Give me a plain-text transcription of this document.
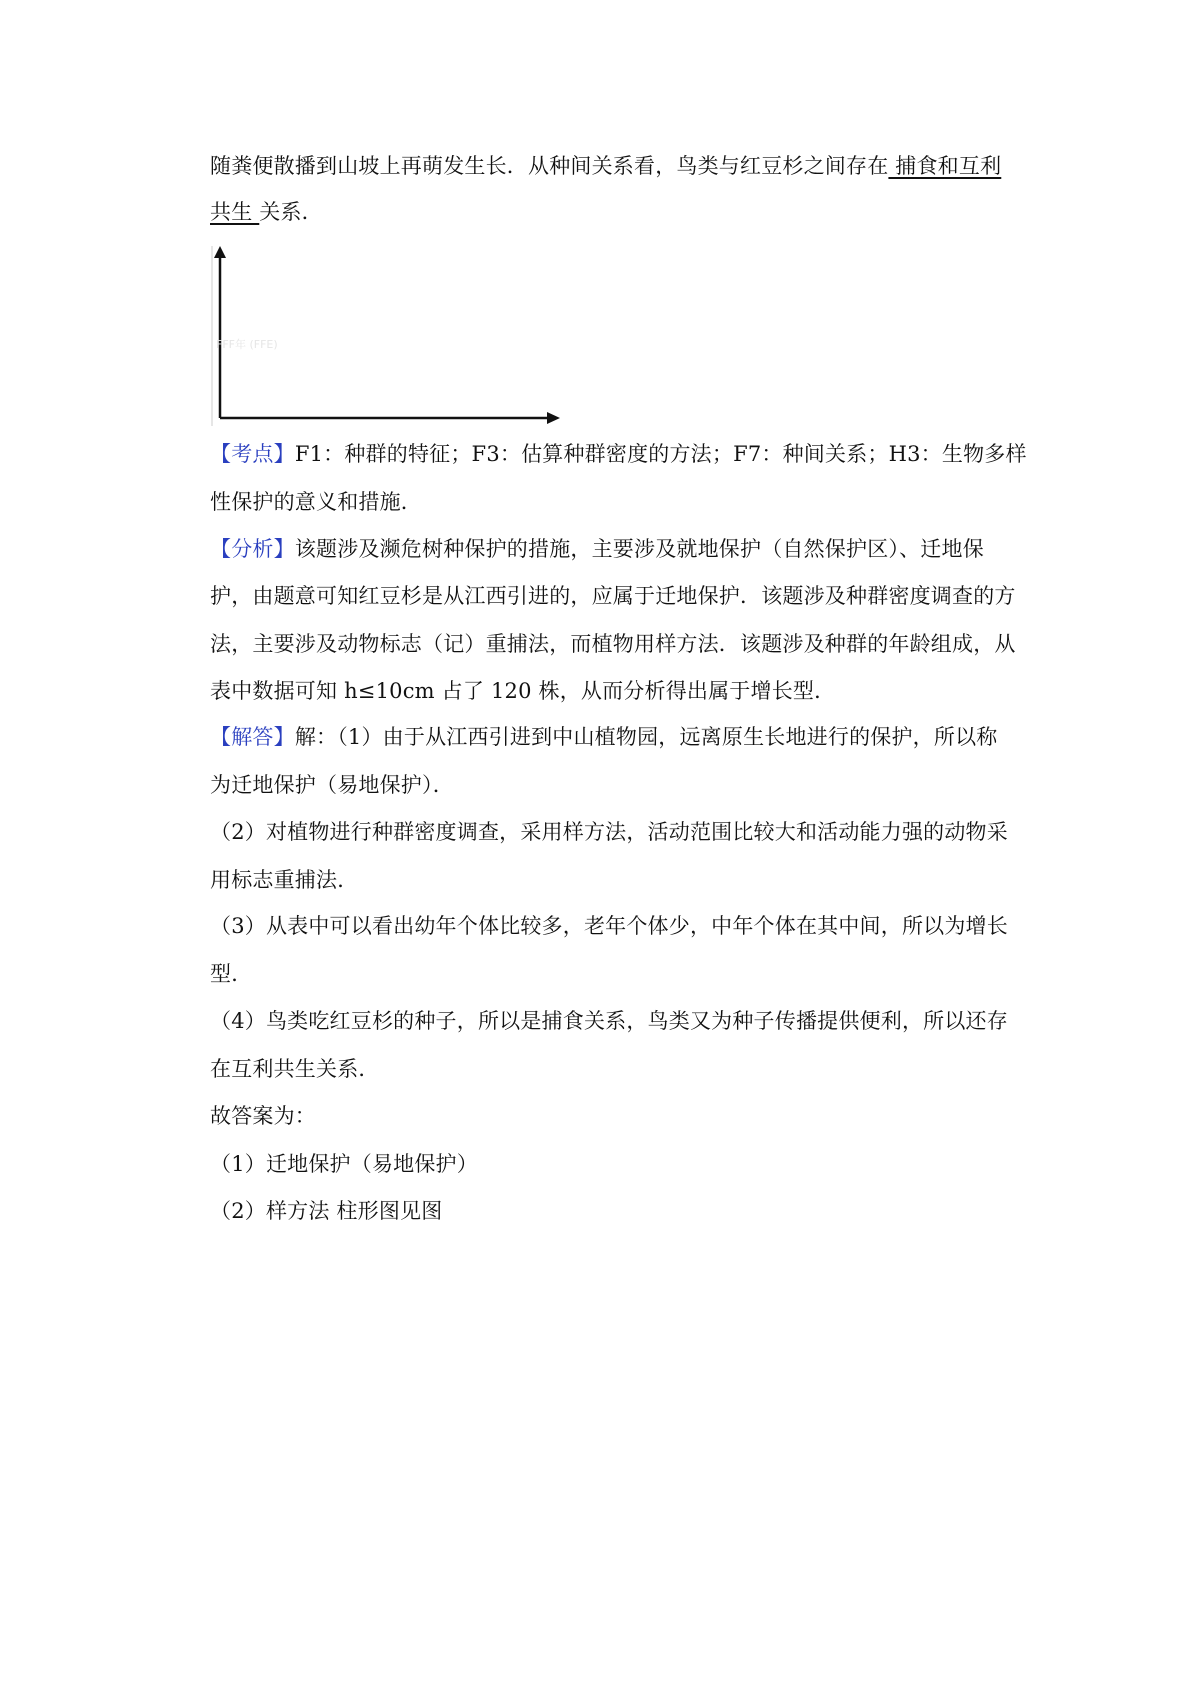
随粪便散播到山坡上再萌发生长．从种间关系看，鸟类与红豆杉之间存在 捕食和互利
共生 关系．
FFF年 (FFE)
【考点】F1：种群的特征；F3：估算种群密度的方法；F7：种间关系；H3：生物多样
性保护的意义和措施．
【分析】该题涉及濒危树种保护的措施，主要涉及就地保护（自然保护区）、迁地保
护，由题意可知红豆杉是从江西引进的，应属于迁地保护．该题涉及种群密度调查的方
法，主要涉及动物标志（记）重捕法，而植物用样方法．该题涉及种群的年龄组成，从
表中数据可知 h≤10cm 占了 120 株，从而分析得出属于增长型．
【解答】解：（1）由于从江西引进到中山植物园，远离原生长地进行的保护，所以称
为迁地保护（易地保护）．
（2）对植物进行种群密度调查，采用样方法，活动范围比较大和活动能力强的动物采
用标志重捕法．
（3）从表中可以看出幼年个体比较多，老年个体少，中年个体在其中间，所以为增长
型．
（4）鸟类吃红豆杉的种子，所以是捕食关系，鸟类又为种子传播提供便利，所以还存
在互利共生关系．
故答案为：
（1）迁地保护（易地保护）
（2）样方法 柱形图见图
